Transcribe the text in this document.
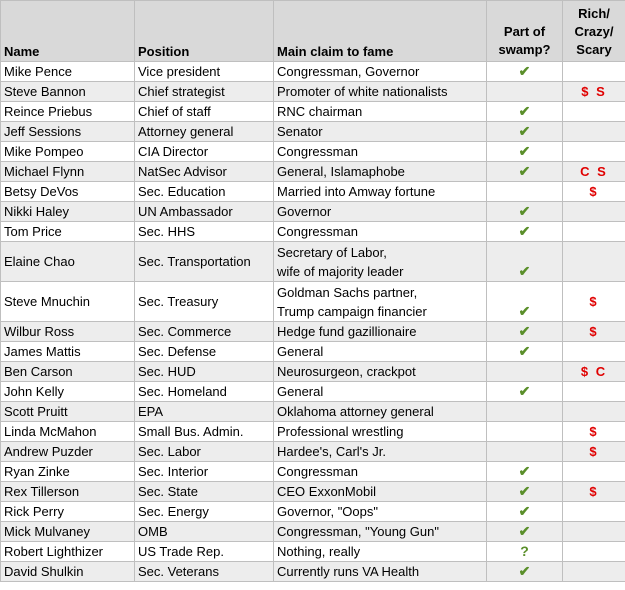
Name	Position	Main claim to fame	Part of swamp?	Rich/ Crazy/ Scary
Mike Pence	Vice president	Congressman, Governor	✔	
Steve Bannon	Chief strategist	Promoter of white nationalists		$ S
Reince Priebus	Chief of staff	RNC chairman	✔	
Jeff Sessions	Attorney general	Senator	✔	
Mike Pompeo	CIA Director	Congressman	✔	
Michael Flynn	NatSec Advisor	General, Islamaphobe	✔	C S
Betsy DeVos	Sec. Education	Married into Amway fortune		$
Nikki Haley	UN Ambassador	Governor	✔	
Tom Price	Sec. HHS	Congressman	✔	
Elaine Chao	Sec. Transportation	Secretary of Labor,
wife of majority leader	✔	
Steve Mnuchin	Sec. Treasury	Goldman Sachs partner,
Trump campaign financier	✔	$
Wilbur Ross	Sec. Commerce	Hedge fund gazillionaire	✔	$
James Mattis	Sec. Defense	General	✔	
Ben Carson	Sec. HUD	Neurosurgeon, crackpot		$ C
John Kelly	Sec. Homeland	General	✔	
Scott Pruitt	EPA	Oklahoma attorney general		

Linda McMahon	Small Bus. Admin.	Professional wrestling		$
Andrew Puzder	Sec. Labor	Hardee's, Carl's Jr.		$
Ryan Zinke	Sec. Interior	Congressman	✔	
Rex Tillerson	Sec. State	CEO ExxonMobil	✔	$
Rick Perry	Sec. Energy	Governor, "Oops"	✔	
Mick Mulvaney	OMB	Congressman, "Young Gun"	✔	
Robert Lighthizer	US Trade Rep.	Nothing, really	?	
David Shulkin	Sec. Veterans	Currently runs VA Health	✔	
